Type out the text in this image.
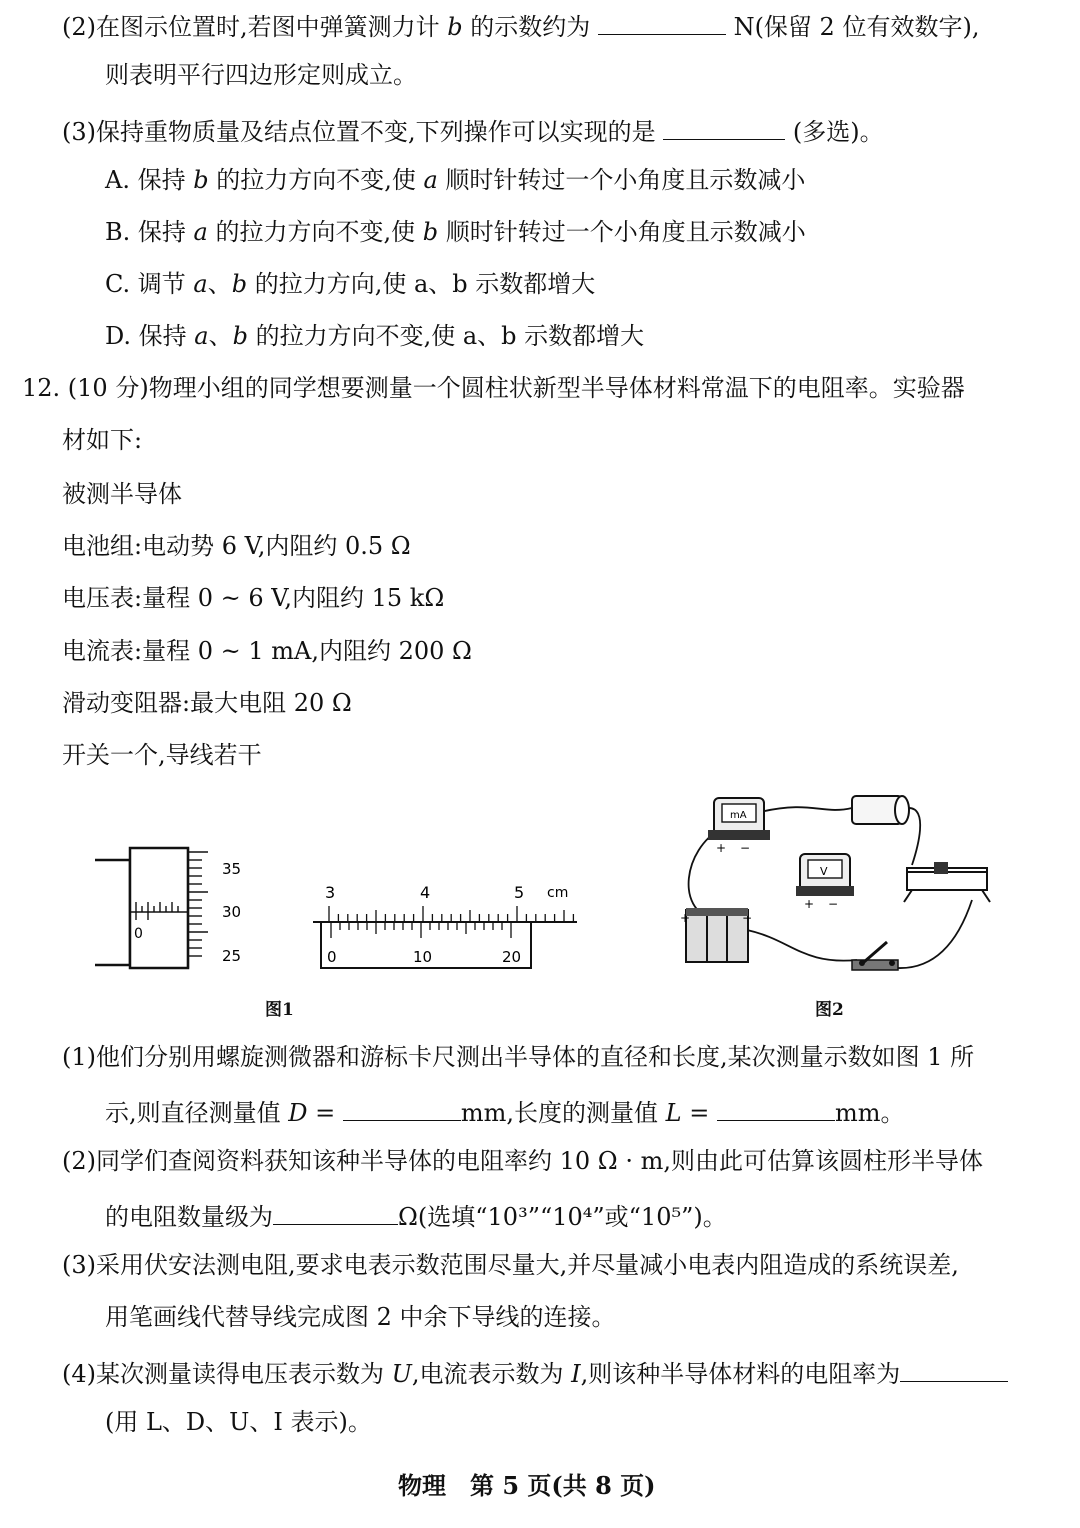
(2)在图示位置时,若图中弹簧测力计 b 的示数约为	N(保留 2 位有效数字),
则表明平行四边形定则成立。
(3)保持重物质量及结点位置不变,下列操作可以实现的是	(多选)。
A. 保持 b 的拉力方向不变,使 a 顺时针转过一个小角度且示数减小
B. 保持 a 的拉力方向不变,使 b 顺时针转过一个小角度且示数减小
C. 调节 a、b 的拉力方向,使 a、b 示数都增大
D. 保持 a、b 的拉力方向不变,使 a、b 示数都增大
12. (10 分)物理小组的同学想要测量一个圆柱状新型半导体材料常温下的电阻率。实验器
材如下:
被测半导体
电池组:电动势 6 V,内阻约 0.5 Ω
电压表:量程 0 ~ 6 V,内阻约 15 kΩ
电流表:量程 0 ~ 1 mA,内阻约 200 Ω
滑动变阻器:最大电阻 20 Ω
开关一个,导线若干
35
30
25
0
3	4	5 cm
0	10	20
图1
mA
+ −
V
+ −
+	−
图2
(1)他们分别用螺旋测微器和游标卡尺测出半导体的直径和长度,某次测量示数如图 1 所
示,则直径测量值 D =	mm,长度的测量值 L =	mm。
(2)同学们查阅资料获知该种半导体的电阻率约 10 Ω · m,则由此可估算该圆柱形半导体
的电阻数量级为	Ω(选填“10³”“10⁴”或“10⁵”)。
(3)采用伏安法测电阻,要求电表示数范围尽量大,并尽量减小电表内阻造成的系统误差,
用笔画线代替导线完成图 2 中余下导线的连接。
(4)某次测量读得电压表示数为 U,电流表示数为 I,则该种半导体材料的电阻率为
(用 L、D、U、I 表示)。
物理　第 5 页(共 8 页)
